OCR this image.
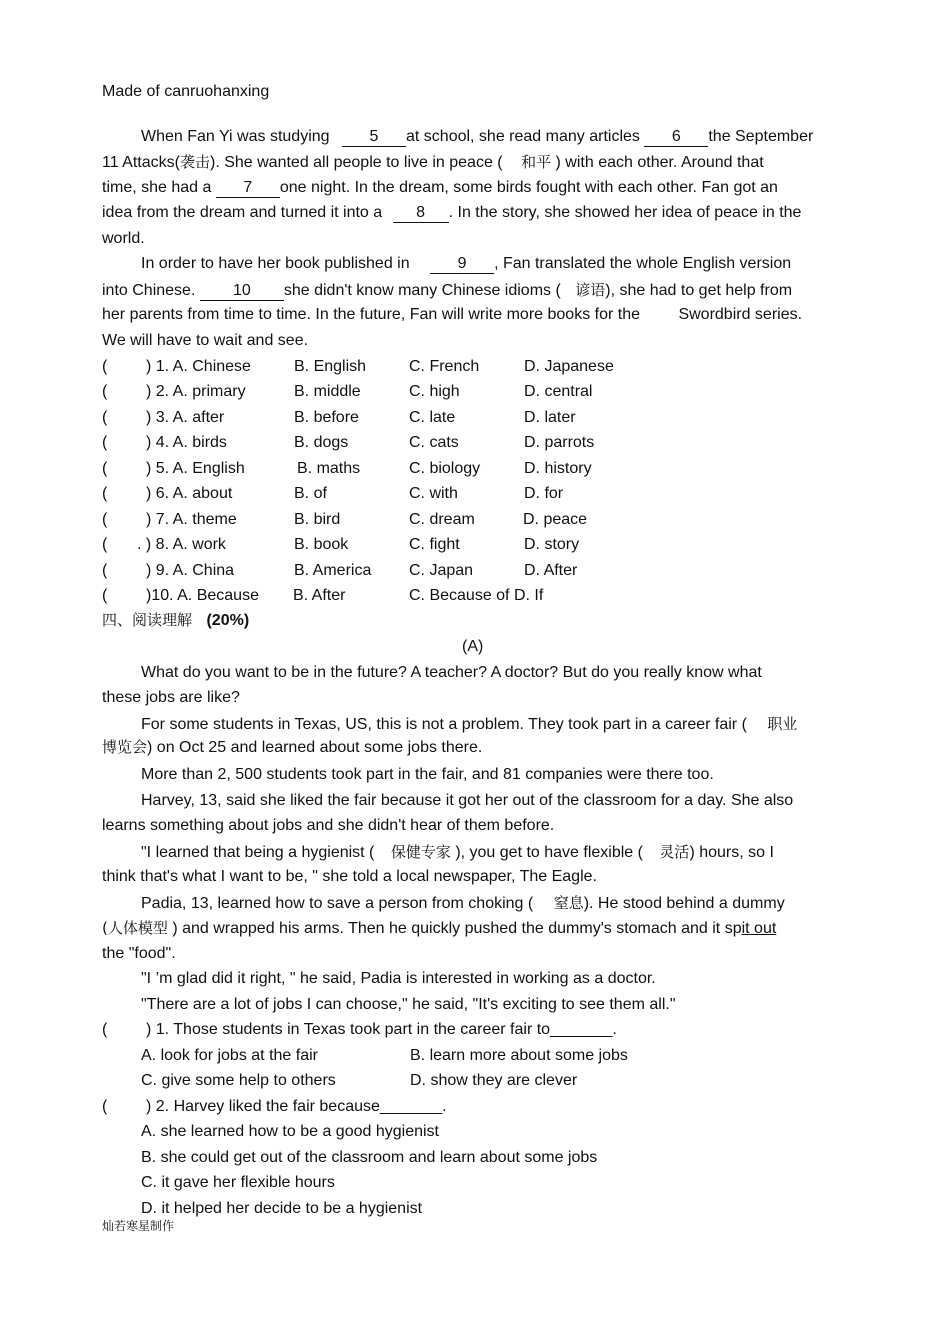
Made of canruohanxing
When Fan Yi was studying	5 at school, she read many articles 6 the September
11 Attacks(袭击). She wanted all people to live in peace ( 和平 ) with each other. Around that
time, she had a 7 one night. In the dream, some birds fought with each other. Fan got an
idea from the dream and turned it into a 8 . In the story, she showed her idea of peace in the
world.
In order to have her book published in	9 , Fan translated the whole English version
into Chinese. 10 she didn't know many Chinese idioms ( 谚语), she had to get help from
her parents from time to time. In the future, Fan will write more books for the Swordbird series.
We will have to wait and see.
( ) 1. A. Chinese	B. English	C. French	D. Japanese
( ) 2. A. primary	B. middle	C. high	D. central
( ) 3. A. after	B. before	C. late	D. later
( ) 4. A. birds	B. dogs	C. cats	D. parrots
( ) 5. A. English	B. maths	C. biology	D. history
( ) 6. A. about	B. of	C. with	D. for
( ) 7. A. theme	B. bird	C. dream	D. peace
( . ) 8. A. work	B. book	C. fight	D. story
( ) 9. A. China	B. America C. Japan	D. After
( )10. A. Because B. After	C. Because of D. If
四、阅读理解 (20%)
(A)
What do you want to be in the future? A teacher? A doctor? But do you really know what
these jobs are like?
For some students in Texas, US, this is not a problem. They took part in a career fair ( 职业
博览会) on Oct 25 and learned about some jobs there.
More than 2, 500 students took part in the fair, and 81 companies were there too.
Harvey, 13, said she liked the fair because it got her out of the classroom for a day. She also
learns something about jobs and she didn't hear of them before.
"I learned that being a hygienist ( 保健专家 ), you get to have flexible ( 灵活) hours, so I
think that's what I want to be, " she told a local newspaper, The Eagle.
Padia, 13, learned how to save a person from choking ( 窒息). He stood behind a dummy
(人体模型 ) and wrapped his arms. Then he quickly pushed the dummy's stomach and it spit out
the "food".
"I ’m glad did it right, " he said, Padia is interested in working as a doctor.
"There are a lot of jobs I can choose," he said, "It's exciting to see them all."
( ) 1. Those students in Texas took part in the career fair to_______.
A. look for jobs at the fair	B. learn more about some jobs
C. give some help to others	D. show they are clever
( ) 2. Harvey liked the fair because_______.
A. she learned how to be a good hygienist
B. she could get out of the classroom and learn about some jobs
C. it gave her flexible hours
D. it helped her decide to be a hygienist
灿若寒星制作
